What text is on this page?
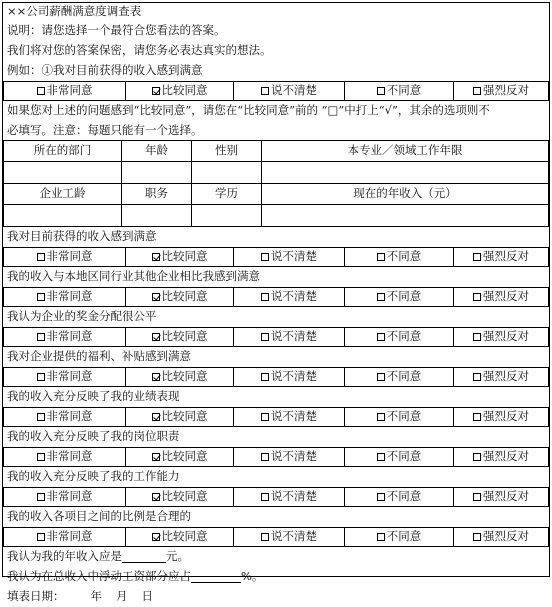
××公司薪酬满意度调查表
说明：请您选择一个最符合您看法的答案。
我们将对您的答案保密，请您务必表达真实的想法。
例如：①我对目前获得的收入感到满意
非常同意	比较同意	说不清楚	不同意	强烈反对
如果您对上述的问题感到“比较同意”，请您在“比较同意”前的 “□”中打上“√”，其余的选项则不
必填写。注意：每题只能有一个选择。
所在的部门	年龄	性别	本专业／领域工作年限

企业工龄	职务	学历	现在的年收入（元）

我对目前获得的收入感到满意
非常同意	比较同意	说不清楚	不同意	强烈反对
我的收入与本地区同行业其他企业相比我感到满意
非常同意	比较同意	说不清楚	不同意	强烈反对
我认为企业的奖金分配很公平
非常同意	比较同意	说不清楚	不同意	强烈反对
我对企业提供的福利、补贴感到满意
非常同意	比较同意	说不清楚	不同意	强烈反对
我的收入充分反映了我的业绩表现
非常同意	比较同意	说不清楚	不同意	强烈反对
我的收入充分反映了我的岗位职责
非常同意	比较同意	说不清楚	不同意	强烈反对
我的收入充分反映了我的工作能力
非常同意	比较同意	说不清楚	不同意	强烈反对
我的收入各项目之间的比例是合理的
非常同意	比较同意	说不清楚	不同意	强烈反对
我认为我的年收入应是	元。
我认为在总收入中浮动工资部分应占	%。
填表日期： 年 月 日
